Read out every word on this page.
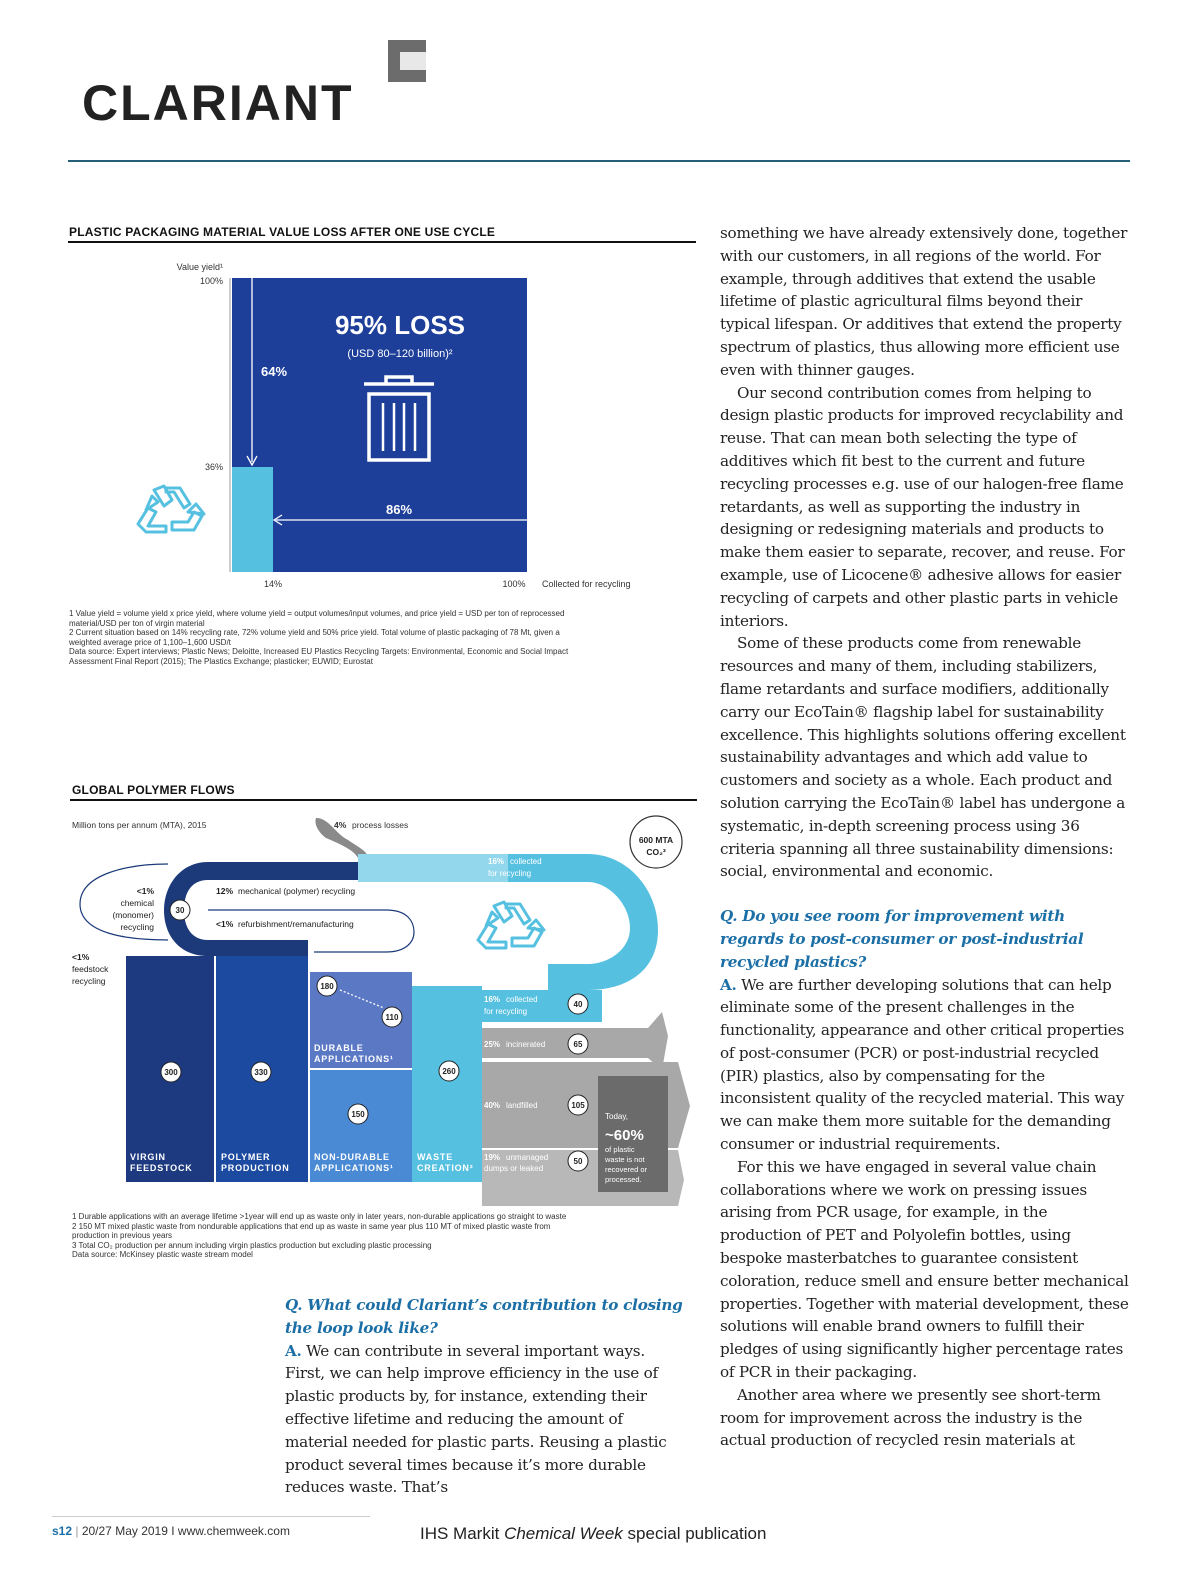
CLARIANT
PLASTIC PACKAGING MATERIAL VALUE LOSS AFTER ONE USE CYCLE
Value yield¹
100%
36%
64%
86%
95% LOSS
(USD 80–120 billion)²
14%	100% Collected for recycling
1 Value yield = volume yield x price yield, where volume yield = output volumes/input volumes, and price yield = USD per ton of reprocessed
material/USD per ton of virgin material
2 Current situation based on 14% recycling rate, 72% volume yield and 50% price yield. Total volume of plastic packaging of 78 Mt, given a
weighted average price of 1,100–1,600 USD/t
Data source: Expert interviews; Plastic News; Deloitte, Increased EU Plastics Recycling Targets: Environmental, Economic and Social Impact
Assessment Final Report (2015); The Plastics Exchange; plasticker; EUWID; Eurostat
GLOBAL POLYMER FLOWS
Million tons per annum (MTA), 2015	4% process losses
600 MTA
CO₂³
16% collected
for recycling
<1%
chemical
(monomer)
recycling
30
12% mechanical (polymer) recycling
<1% refurbishment/remanufacturing
<1%
feedstock
recycling
300
VIRGIN
FEEDSTOCK
330
POLYMER
PRODUCTION
180
110
DURABLE
APPLICATIONS¹
150
NON-DURABLE
APPLICATIONS¹
260
WASTE
CREATION²
16% collected
for recycling
40
25% incinerated	65
40% landfilled	105
19% unmanaged
dumps or leaked
50
Today,
~60%
of plastic
waste is not
recovered or
processed.
1 Durable applications with an average lifetime >1year will end up as waste only in later years, non-durable applications go straight to waste
2 150 MT mixed plastic waste from nondurable applications that end up as waste in same year plus 110 MT of mixed plastic waste from
production in previous years
3 Total CO₂ production per annum including virgin plastics production but excluding plastic processing
Data source: McKinsey plastic waste stream model

Q. What could Clariant’s contribution to closing the loop look like?

A. We can contribute in several important ways. First, we can help improve efficiency in the use of plastic products by, for instance, extending their effective lifetime and reducing the amount of material needed for plastic parts. Reusing a plastic product several times because it’s more durable reduces waste. That’s

something we have already extensively done, together with our customers, in all regions of the world. For example, through additives that extend the usable lifetime of plastic agricultural films beyond their typical lifespan. Or additives that extend the property spectrum of plastics, thus allowing more efficient use even with thinner gauges.

Our second contribution comes from helping to design plastic products for improved recyclability and reuse. That can mean both selecting the type of additives which fit best to the current and future recycling processes e.g. use of our halogen-free flame retardants, as well as supporting the industry in designing or redesigning materials and products to make them easier to separate, recover, and reuse. For example, use of Licocene® adhesive allows for easier recycling of carpets and other plastic parts in vehicle interiors.

Some of these products come from renewable resources and many of them, including stabilizers, flame retardants and surface modifiers, additionally carry our EcoTain® flagship label for sustainability excellence. This highlights solutions offering excellent sustainability advantages and which add value to customers and society as a whole. Each product and solution carrying the EcoTain® label has undergone a systematic, in-depth screening process using 36 criteria spanning all three sustainability dimensions: social, environmental and economic.

Q. Do you see room for improvement with regards to post-consumer or post-industrial recycled plastics?

A. We are further developing solutions that can help eliminate some of the present challenges in the functionality, appearance and other critical properties of post-consumer (PCR) or post-industrial recycled (PIR) plastics, also by compensating for the inconsistent quality of the recycled material. This way we can make them more suitable for the demanding consumer or industrial requirements.

For this we have engaged in several value chain collaborations where we work on pressing issues arising from PCR usage, for example, in the production of PET and Polyolefin bottles, using bespoke masterbatches to guarantee consistent coloration, reduce smell and ensure better mechanical properties. Together with material development, these solutions will enable brand owners to fulfill their pledges of using significantly higher percentage rates of PCR in their packaging.

Another area where we presently see short-term room for improvement across the industry is the actual production of recycled resin materials at

s12 | 20/27 May 2019 I www.chemweek.com	IHS Markit Chemical Week special publication
